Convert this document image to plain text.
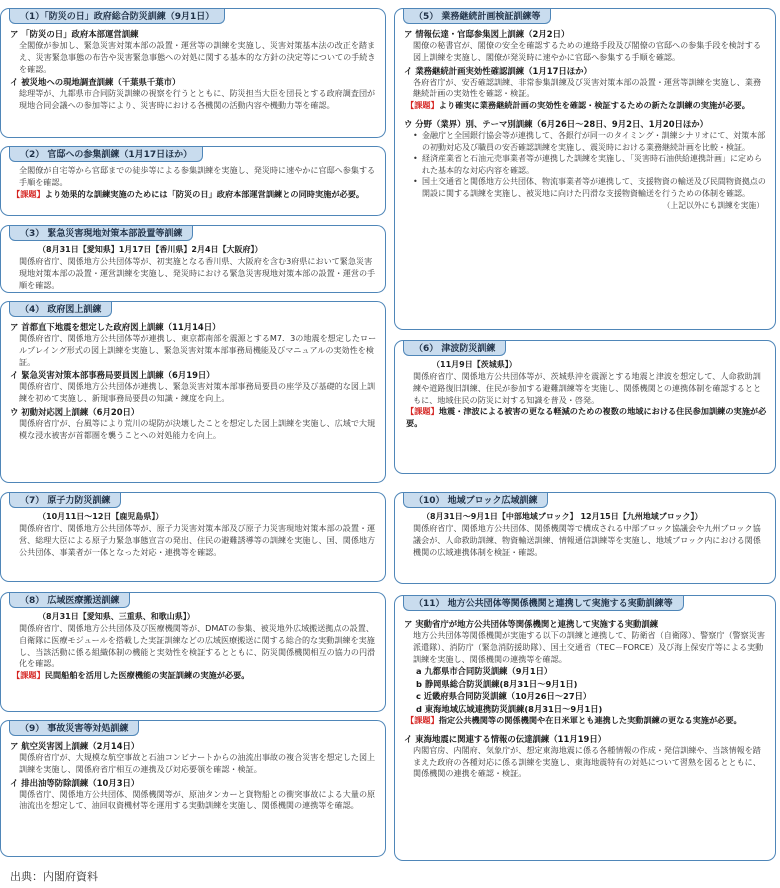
（1）「防災の日」政府総合防災訓練（9月1日）
ア 「防災の日」政府本部運営訓練
全閣僚が参加し、緊急災害対策本部の設置・運営等の訓練を実施し、災害対策基本法の改正を踏まえ、災害緊急事態の布告や災害緊急事態への対処に関する基本的な方針の決定等についての手続きを確認。
イ 被災地への現地調査訓練（千葉県千葉市）
総理等が、九都県市合同防災訓練の視察を行うとともに、防災担当大臣を団長とする政府調査団が現地合同会議への参加等により、災害時における各機関の活動内容や機動力等を確認。
（2） 官邸への参集訓練（1月17日ほか）
全閣僚が自宅等から官邸までの徒歩等による参集訓練を実施し、発災時に速やかに官邸へ参集する手順を確認。
【課題】より効果的な訓練実施のためには「防災の日」政府本部運営訓練との同時実施が必要。
（3） 緊急災害現地対策本部設置等訓練
（8月31日【愛知県】1月17日【香川県】2月4日【大阪府】）
関係府省庁、関係地方公共団体等が、初実施となる香川県、大阪府を含む3府県において緊急災害現地対策本部の設置・運営訓練を実施し、発災時における緊急災害現地対策本部の設置・運営の手順を確認。
（4） 政府図上訓練
ア 首都直下地震を想定した政府図上訓練（11月14日）
関係府省庁、関係地方公共団体等が連携し、東京都南部を震源とするM7．3の地震を想定したロールプレイング形式の図上訓練を実施し、緊急災害対策本部事務局機能及びマニュアルの実効性を検証。
イ 緊急災害対策本部事務局要員図上訓練（6月19日）
関係府省庁、関係地方公共団体が連携し、緊急災害対策本部事務局要員の座学及び基礎的な図上訓練を初めて実施し、新規事務局要員の知識・練度を向上。
ウ 初動対応図上訓練（6月20日）
関係府省庁が、台風等により荒川の堤防が決壊したことを想定した図上訓練を実施し、広域で大規模な浸水被害が首都圏を襲うことへの対処能力を向上。
（7） 原子力防災訓練
（10月11日～12日【鹿児島県】）
関係府省庁、関係地方公共団体等が、原子力災害対策本部及び原子力災害現地対策本部の設置・運営、総理大臣による原子力緊急事態宣言の発出、住民の避難誘導等の訓練を実施し、国、関係地方公共団体、事業者が一体となった対応・連携等を確認。
（8） 広域医療搬送訓練
（8月31日【愛知県、三重県、和歌山県】）
関係府省庁、関係地方公共団体及び医療機関等が、DMATの参集、被災地外広域搬送拠点の設置、自衛隊に医療モジュールを搭載した実証訓練などの広域医療搬送に関する総合的な実動訓練を実施し、当該活動に係る組織体制の機能と実効性を検証するとともに、防災関係機関相互の協力の円滑化を確認。
【課題】民間船舶を活用した医療機能の実証訓練の実施が必要。
（9） 事故災害等対処訓練
ア 航空災害図上訓練（2月14日）
関係府省庁が、大規模な航空事故と石油コンビナートからの油流出事故の複合災害を想定した図上訓練を実施し、関係府省庁相互の連携及び対応要領を確認・検証。
イ 排出油等防除訓練（10月3日）
関係省庁、関係地方公共団体、関係機関等が、原油タンカーと貨物船との衝突事故による大量の原油流出を想定して、油回収資機材等を運用する実動訓練を実施し、関係機関の連携等を確認。
（5） 業務継続計画検証訓練等
ア 情報伝達・官邸参集図上訓練（2月2日）
閣僚の秘書官が、閣僚の安全を確認するための連絡手段及び閣僚の官邸への参集手段を検討する図上訓練を実施し、閣僚が発災時に速やかに官邸へ参集する手順を確認。
イ 業務継続計画実効性確認訓練（1月17日ほか）
各府省庁が、安否確認訓練、非常参集訓練及び災害対策本部の設置・運営等訓練を実施し、業務継続計画の実効性を確認・検証。
【課題】より確実に業務継続計画の実効性を確認・検証するための新たな訓練の実施が必要。
ウ 分野（業界）別、テーマ別訓練（6月26日～28日、9月2日、1月20日ほか）
• 金融庁と全国銀行協会等が連携して、各銀行が同一のタイミング・訓練シナリオにて、対策本部の初動対応及び職員の安否確認訓練を実施し、震災時における業務継続計画を比較・検証。
• 経済産業省と石油元売事業者等が連携した訓練を実施し、「災害時石油供給連携計画」に定められた基本的な対応内容を確認。
• 国土交通省と関係地方公共団体、物流事業者等が連携して、支援物資の輸送及び民間物資拠点の開設に関する訓練を実施し、被災地に向けた円滑な支援物資輸送を行うための体制を確認。
（上記以外にも訓練を実施）
（6） 津波防災訓練
（11月9日【茨城県】）
関係府省庁、関係地方公共団体等が、茨城県沖を震源とする地震と津波を想定して、人命救助訓練や道路復旧訓練、住民が参加する避難訓練等を実施し、関係機関との連携体制を確認するとともに、地域住民の防災に対する知識を普及・啓発。
【課題】地震・津波による被害の更なる軽減のための複数の地域における住民参加訓練の実施が必要。
（10） 地域ブロック広域訓練
（8月31日～9月1日【中部地域ブロック】 12月15日【九州地域ブロック】）
関係府省庁、関係地方公共団体、関係機関等で構成される中部ブロック協議会や九州ブロック協議会が、人命救助訓練、物資輸送訓練、情報通信訓練等を実施し、地域ブロック内における関係機関の広域連携体制を検証・確認。
（11） 地方公共団体等関係機関と連携して実施する実動訓練等
ア 実動省庁が地方公共団体等関係機関と連携して実施する実動訓練
地方公共団体等関係機関が実施する以下の訓練と連携して、防衛省（自衛隊）、警察庁（警察災害派遣隊）、消防庁（緊急消防援助隊）、国土交通省（TEC－FORCE）及び海上保安庁等による実動訓練を実施し、関係機関の連携等を確認。
a 九都県市合同防災訓練（9月1日）
b 静岡県総合防災訓練(8月31日～9月1日)
c 近畿府県合同防災訓練（10月26日～27日）
d 東海地域広域連携防災訓練(8月31日～9月1日)
【課題】指定公共機関等の関係機関や在日米軍とも連携した実動訓練の更なる実施が必要。
イ 東海地震に関連する情報の伝達訓練（11月19日）
内閣官房、内閣府、気象庁が、想定東海地震に係る各種情報の作成・発信訓練や、当該情報を踏まえた政府の各種対応に係る訓練を実施し、東海地震特有の対処について習熟を図るとともに、関係機関の連携を確認・検証。
出典：内閣府資料
